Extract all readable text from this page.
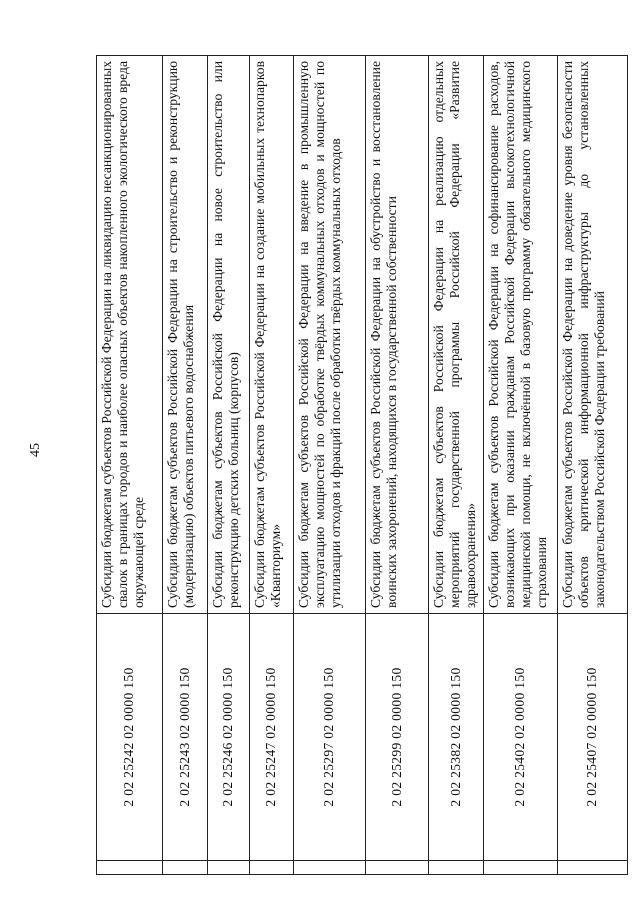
45
	2 02 25242 02 0000 150	Субсидии бюджетам субъектов Российской Федерации на ликвидацию несанкционированных свалок в границах городов и наиболее опасных объектов накопленного экологического вреда окружающей среде
	2 02 25243 02 0000 150	Субсидии бюджетам субъектов Российской Федерации на строительство и реконструкцию (модернизацию) объектов питьевого водоснабжения
	2 02 25246 02 0000 150	Субсидии бюджетам субъектов Российской Федерации на новое строительство или реконструкцию детских больниц (корпусов)
	2 02 25247 02 0000 150	Субсидии бюджетам субъектов Российской Федерации на создание мобильных технопарков «Кванториум»
	2 02 25297 02 0000 150	Субсидии бюджетам субъектов Российской Федерации на введение в промышленную эксплуатацию мощностей по обработке твёрдых коммунальных отходов и мощностей по утилизации отходов и фракций после обработки твёрдых коммунальных отходов
	2 02 25299 02 0000 150	Субсидии бюджетам субъектов Российской Федерации на обустройство и восстановление воинских захоронений, находящихся в государственной собственности
	2 02 25382 02 0000 150	Субсидии бюджетам субъектов Российской Федерации на реализацию отдельных мероприятий государственной программы Российской Федерации «Развитие здравоохранения»
	2 02 25402 02 0000 150	Субсидии бюджетам субъектов Российской Федерации на софинансирование расходов, возникающих при оказании гражданам Российской Федерации высокотехнологичной медицинской помощи, не включённой в базовую программу обязательного медицинского страхования
	2 02 25407 02 0000 150	Субсидии бюджетам субъектов Российской Федерации на доведение уровня безопасности объектов критической информационной инфраструктуры до установленных законодательством Российской Федерации требований
